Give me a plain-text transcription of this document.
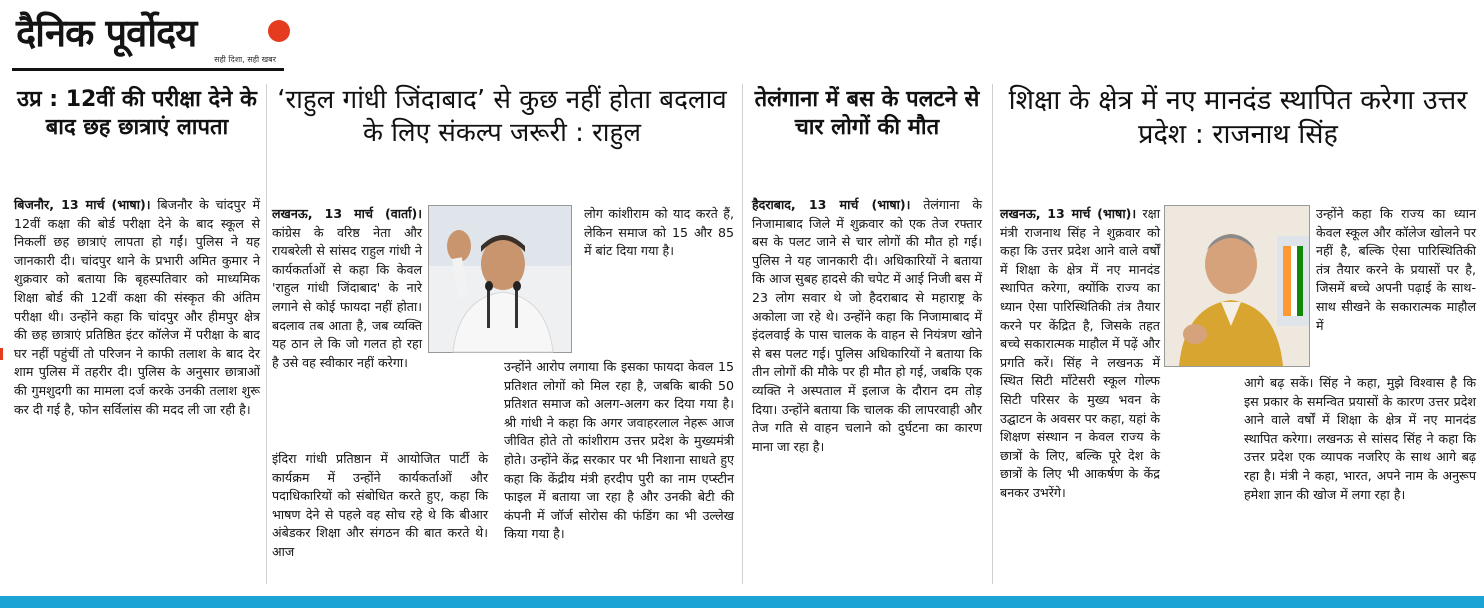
दैनिक पूर्वोदय
सही दिशा, सही खबर
उप्र : 12वीं की परीक्षा देने के बाद छह छात्राएं लापता

बिजनौर, 13 मार्च (भाषा)। बिजनौर के चांदपुर में 12वीं कक्षा की बोर्ड परीक्षा देने के बाद स्कूल से निकलीं छह छात्राएं लापता हो गईं। पुलिस ने यह जानकारी दी। चांदपुर थाने के प्रभारी अमित कुमार ने शुक्रवार को बताया कि बृहस्पतिवार को माध्यमिक शिक्षा बोर्ड की 12वीं कक्षा की संस्कृत की अंतिम परीक्षा थी। उन्होंने कहा कि चांदपुर और हीमपुर क्षेत्र की छह छात्राएं प्रतिष्ठित इंटर कॉलेज में परीक्षा के बाद घर नहीं पहुंचीं तो परिजन ने काफी तलाश के बाद देर शाम पुलिस में तहरीर दी। पुलिस के अनुसार छात्राओं की गुमशुदगी का मामला दर्ज करके उनकी तलाश शुरू कर दी गई है, फोन सर्विलांस की मदद ली जा रही है।

‘राहुल गांधी जिंदाबाद’ से कुछ नहीं होता बदलाव के लिए संकल्प जरूरी : राहुल

लखनऊ, 13 मार्च (वार्ता)। कांग्रेस के वरिष्ठ नेता और रायबरेली से सांसद राहुल गांधी ने कार्यकर्ताओं से कहा कि केवल 'राहुल गांधी जिंदाबाद' के नारे लगाने से कोई फायदा नहीं होता। बदलाव तब आता है, जब व्यक्ति यह ठान ले कि जो गलत हो रहा है उसे वह स्वीकार नहीं करेगा।

इंदिरा गांधी प्रतिष्ठान में आयोजित पार्टी के कार्यक्रम में उन्होंने कार्यकर्ताओं और पदाधिकारियों को संबोधित करते हुए, कहा कि भाषण देने से पहले वह सोच रहे थे कि बीआर अंबेडकर शिक्षा और संगठन की बात करते थे। आज

लोग कांशीराम को याद करते हैं, लेकिन समाज को 15 और 85 में बांट दिया गया है।

उन्होंने आरोप लगाया कि इसका फायदा केवल 15 प्रतिशत लोगों को मिल रहा है, जबकि बाकी 50 प्रतिशत समाज को अलग-अलग कर दिया गया है। श्री गांधी ने कहा कि अगर जवाहरलाल नेहरू आज जीवित होते तो कांशीराम उत्तर प्रदेश के मुख्यमंत्री होते। उन्होंने केंद्र सरकार पर भी निशाना साधते हुए कहा कि केंद्रीय मंत्री हरदीप पुरी का नाम एप्स्टीन फाइल में बताया जा रहा है और उनकी बेटी की कंपनी में जॉर्ज सोरोस की फंडिंग का भी उल्लेख किया गया है।

तेलंगाना में बस के पलटने से चार लोगों की मौत

हैदराबाद, 13 मार्च (भाषा)। तेलंगाना के निजामाबाद जिले में शुक्रवार को एक तेज रफ्तार बस के पलट जाने से चार लोगों की मौत हो गई। पुलिस ने यह जानकारी दी। अधिकारियों ने बताया कि आज सुबह हादसे की चपेट में आई निजी बस में 23 लोग सवार थे जो हैदराबाद से महाराष्ट्र के अकोला जा रहे थे। उन्होंने कहा कि निजामाबाद में इंदलवाई के पास चालक के वाहन से नियंत्रण खोने से बस पलट गई। पुलिस अधिकारियों ने बताया कि तीन लोगों की मौके पर ही मौत हो गई, जबकि एक व्यक्ति ने अस्पताल में इलाज के दौरान दम तोड़ दिया। उन्होंने बताया कि चालक की लापरवाही और तेज गति से वाहन चलाने को दुर्घटना का कारण माना जा रहा है।

शिक्षा के क्षेत्र में नए मानदंड स्थापित करेगा उत्तर प्रदेश : राजनाथ सिंह

लखनऊ, 13 मार्च (भाषा)। रक्षा मंत्री राजनाथ सिंह ने शुक्रवार को कहा कि उत्तर प्रदेश आने वाले वर्षों में शिक्षा के क्षेत्र में नए मानदंड स्थापित करेगा, क्योंकि राज्य का ध्यान ऐसा पारिस्थितिकी तंत्र तैयार करने पर केंद्रित है, जिसके तहत बच्चे सकारात्मक माहौल में पढ़ें और प्रगति करें। सिंह ने लखनऊ में स्थित सिटी मॉंटेसरी स्कूल गोल्फ सिटी परिसर के मुख्य भवन के उद्घाटन के अवसर पर कहा, यहां के शिक्षण संस्थान न केवल राज्य के छात्रों के लिए, बल्कि पूरे देश के छात्रों के लिए भी आकर्षण के केंद्र बनकर उभरेंगे।

उन्होंने कहा कि राज्य का ध्यान केवल स्कूल और कॉलेज खोलने पर नहीं है, बल्कि ऐसा पारिस्थितिकी तंत्र तैयार करने के प्रयासों पर है, जिसमें बच्चे अपनी पढ़ाई के साथ-साथ सीखने के सकारात्मक माहौल में

आगे बढ़ सकें। सिंह ने कहा, मुझे विश्वास है कि इस प्रकार के समन्वित प्रयासों के कारण उत्तर प्रदेश आने वाले वर्षों में शिक्षा के क्षेत्र में नए मानदंड स्थापित करेगा। लखनऊ से सांसद सिंह ने कहा कि उत्तर प्रदेश एक व्यापक नजरिए के साथ आगे बढ़ रहा है। मंत्री ने कहा, भारत, अपने नाम के अनुरूप हमेशा ज्ञान की खोज में लगा रहा है।
